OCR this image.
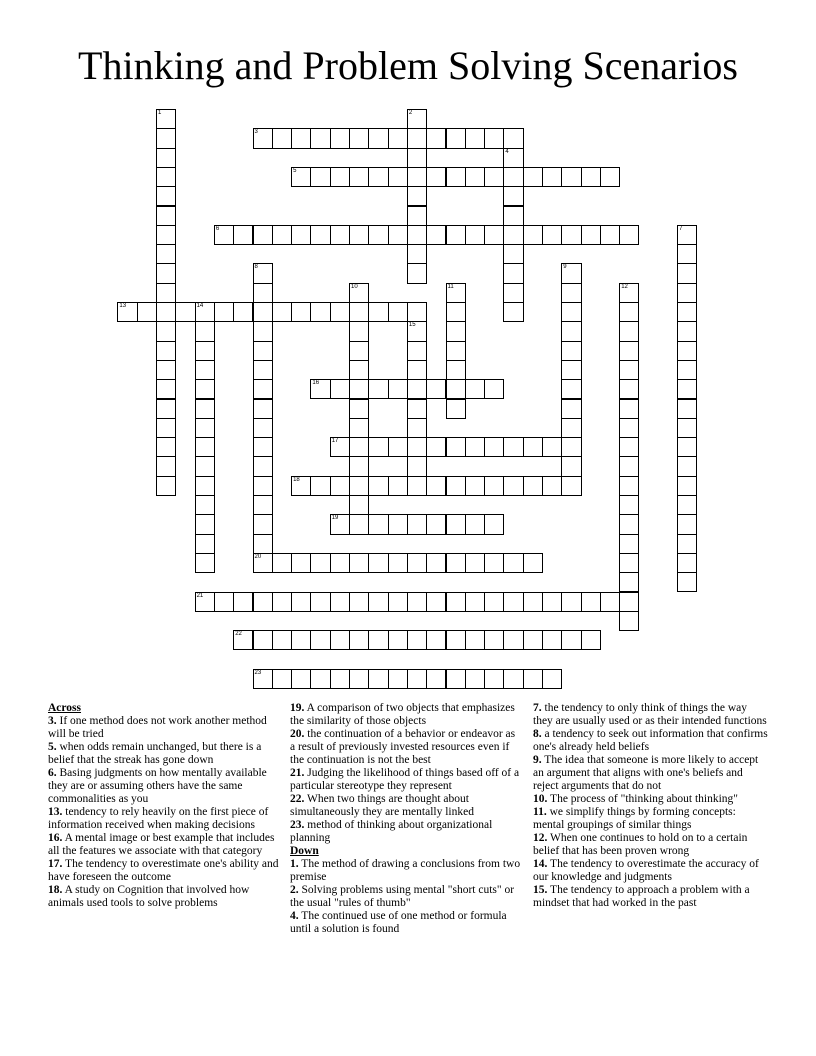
Thinking and Problem Solving Scenarios
1	2
3
4
5
6	7
8
20
9
10	11	12
13	14
15
16
17
18
19
21
22
23
Across

3. If one method does not work another method will be tried

5. when odds remain unchanged, but there is a belief that the streak has gone down

6. Basing judgments on how mentally available they are or assuming others have the same commonalities as you

13. tendency to rely heavily on the first piece of information received when making decisions

16. A mental image or best example that includes all the features we associate with that category

17. The tendency to overestimate one's ability and have foreseen the outcome

18. A study on Cognition that involved how animals used tools to solve problems

19. A comparison of two objects that emphasizes the similarity of those objects

20. the continuation of a behavior or endeavor as a result of previously invested resources even if the continuation is not the best

21. Judging the likelihood of things based off of a particular stereotype they represent

22. When two things are thought about simultaneously they are mentally linked

23. method of thinking about organizational planning

Down

1. The method of drawing a conclusions from two premise

2. Solving problems using mental "short cuts" or the usual "rules of thumb"

4. The continued use of one method or formula until a solution is found

7. the tendency to only think of things the way they are usually used or as their intended functions

8. a tendency to seek out information that confirms one's already held beliefs

9. The idea that someone is more likely to accept an argument that aligns with one's beliefs and reject arguments that do not

10. The process of "thinking about thinking"

11. we simplify things by forming concepts: mental groupings of similar things

12. When one continues to hold on to a certain belief that has been proven wrong

14. The tendency to overestimate the accuracy of our knowledge and judgments

15. The tendency to approach a problem with a mindset that had worked in the past
